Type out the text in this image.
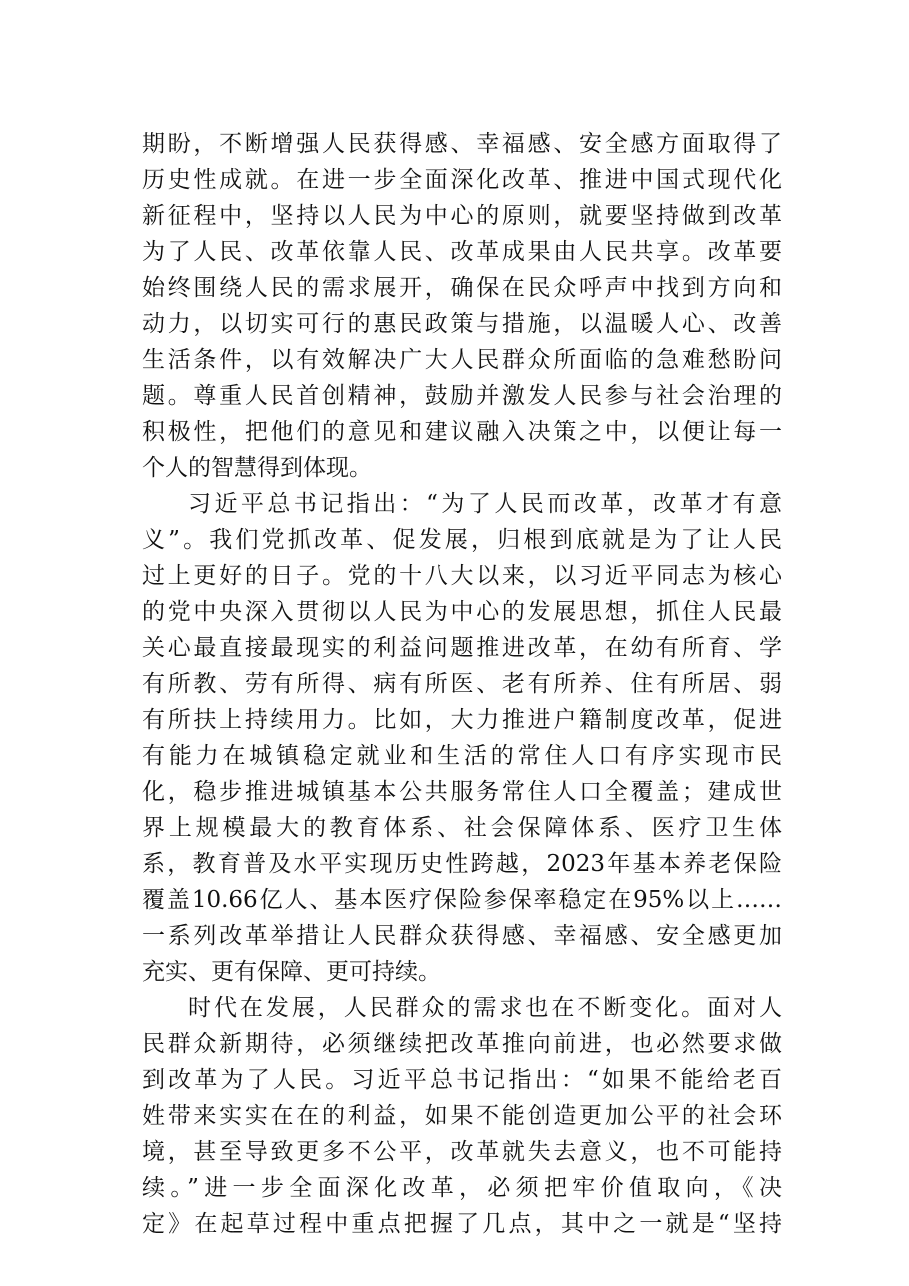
期盼，不断增强人民获得感、幸福感、安全感方面取得了
历史性成就。在进一步全面深化改革、推进中国式现代化
新征程中，坚持以人民为中心的原则，就要坚持做到改革
为了人民、改革依靠人民、改革成果由人民共享。改革要
始终围绕人民的需求展开，确保在民众呼声中找到方向和
动力，以切实可行的惠民政策与措施，以温暖人心、改善
生活条件，以有效解决广大人民群众所面临的急难愁盼问
题。尊重人民首创精神，鼓励并激发人民参与社会治理的
积极性，把他们的意见和建议融入决策之中，以便让每一
个人的智慧得到体现。
习近平总书记指出：“为了人民而改革，改革才有意
义”。我们党抓改革、促发展，归根到底就是为了让人民
过上更好的日子。党的十八大以来，以习近平同志为核心
的党中央深入贯彻以人民为中心的发展思想，抓住人民最
关心最直接最现实的利益问题推进改革，在幼有所育、学
有所教、劳有所得、病有所医、老有所养、住有所居、弱
有所扶上持续用力。比如，大力推进户籍制度改革，促进
有能力在城镇稳定就业和生活的常住人口有序实现市民
化，稳步推进城镇基本公共服务常住人口全覆盖；建成世
界上规模最大的教育体系、社会保障体系、医疗卫生体
系，教育普及水平实现历史性跨越，2023年基本养老保险
覆盖10.66亿人、基本医疗保险参保率稳定在95%以上……
一系列改革举措让人民群众获得感、幸福感、安全感更加
充实、更有保障、更可持续。
时代在发展，人民群众的需求也在不断变化。面对人
民群众新期待，必须继续把改革推向前进，也必然要求做
到改革为了人民。习近平总书记指出：“如果不能给老百
姓带来实实在在的利益，如果不能创造更加公平的社会环
境，甚至导致更多不公平，改革就失去意义，也不可能持
续。”进一步全面深化改革，必须把牢价值取向，《决
定》在起草过程中重点把握了几点，其中之一就是“坚持
